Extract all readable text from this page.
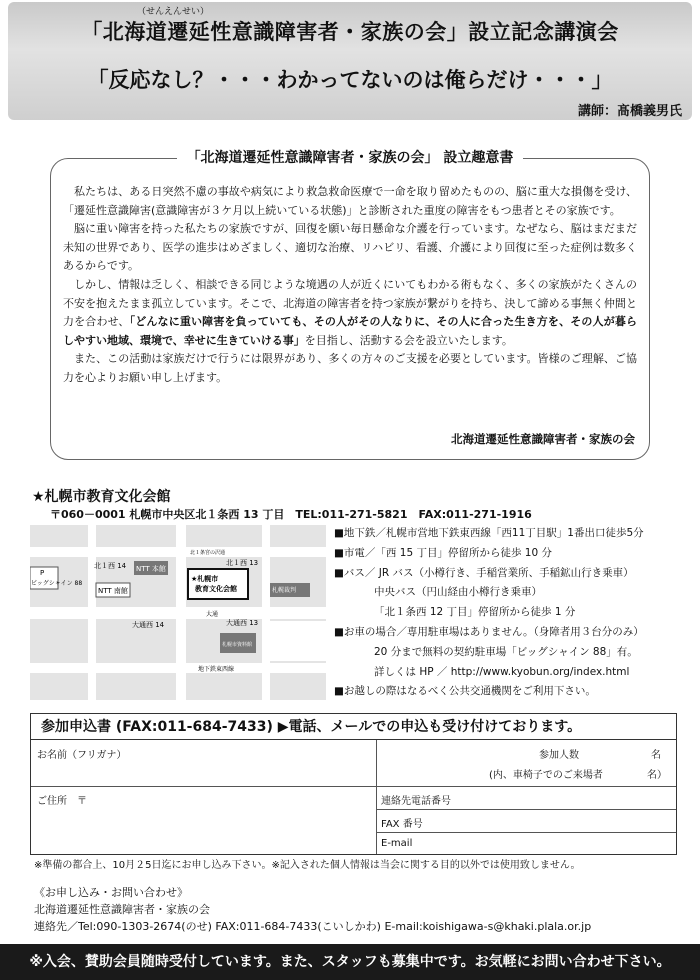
（せんえんせい）
「北海道遷延性意識障害者・家族の会」設立記念講演会
「反応なし？・・・わかってないのは俺らだけ・・・」
講師：髙橋義男氏
「北海道遷延性意識障害者・家族の会」 設立趣意書

私たちは、ある日突然不慮の事故や病気により救急救命医療で一命を取り留めたものの、脳に重大な損傷を受け、「遷延性意識障害(意識障害が３ケ月以上続いている状態)」と診断された重度の障害をもつ患者とその家族です。

脳に重い障害を持った私たちの家族ですが、回復を願い毎日懸命な介護を行っています。なぜなら、脳はまだまだ未知の世界であり、医学の進歩はめざましく、適切な治療、リハビリ、看護、介護により回復に至った症例は数多くあるからです。

しかし、情報は乏しく、相談できる同じような境遇の人が近くにいてもわかる術もなく、多くの家族がたくさんの不安を抱えたまま孤立しています。そこで、北海道の障害者を持つ家族が繋がりを持ち、決して諦める事無く仲間と力を合わせ、「どんなに重い障害を負っていても、その人がその人なりに、その人に合った生き方を、その人が暮らしやすい地域、環境で、幸せに生きていける事」を目指し、活動する会を設立いたします。

また、この活動は家族だけで行うには限界があり、多くの方々のご支援を必要としています。皆様のご理解、ご協力を心よりお願い申し上げます。

北海道遷延性意識障害者・家族の会
★札幌市教育文化会館
〒060－0001 札幌市中央区北１条西 13 丁目　TEL:011-271-5821　FAX:011-271-1916
北１西 14	北１西 13
NTT 本館
NTT 南館
P
ビッグシャイン 88
★札幌市
教育文化会館	札幌裁判
大通西 14	大通西 13
大通
札幌市資料館
北１条宮の沢通
地下鉄東西線
■地下鉄／札幌市営地下鉄東西線「西11丁目駅」1番出口徒歩5分
■市電／「西 15 丁目」停留所から徒歩 10 分
■バス／ JR バス（小樽行き、手稲営業所、手稲鉱山行き乗車）
中央バス（円山経由小樽行き乗車）
「北１条西 12 丁目」停留所から徒歩 1 分
■お車の場合／専用駐車場はありません。（身障者用３台分のみ）
20 分まで無料の契約駐車場「ビッグシャイン 88」有。
詳しくは HP ／ http://www.kyobun.org/index.html
■お越しの際はなるべく公共交通機関をご利用下さい。
参加申込書 (FAX:011-684-7433) ▶電話、メールでの申込も受け付けております。
お名前（フリガナ）	参加人数	名
(内、車椅子でのご来場者	名）
ご住所　〒	連絡先電話番号
FAX 番号
E-mail
※準備の都合上、10月２5日迄にお申し込み下さい。※記入された個人情報は当会に関する目的以外では使用致しません。
《お申し込み・お問い合わせ》
北海道遷延性意識障害者・家族の会
連絡先／Tel:090-1303-2674(のせ) FAX:011-684-7433(こいしかわ) E-mail:koishigawa-s@khaki.plala.or.jp
※入会、賛助会員随時受付しています。また、スタッフも募集中です。お気軽にお問い合わせ下さい。
